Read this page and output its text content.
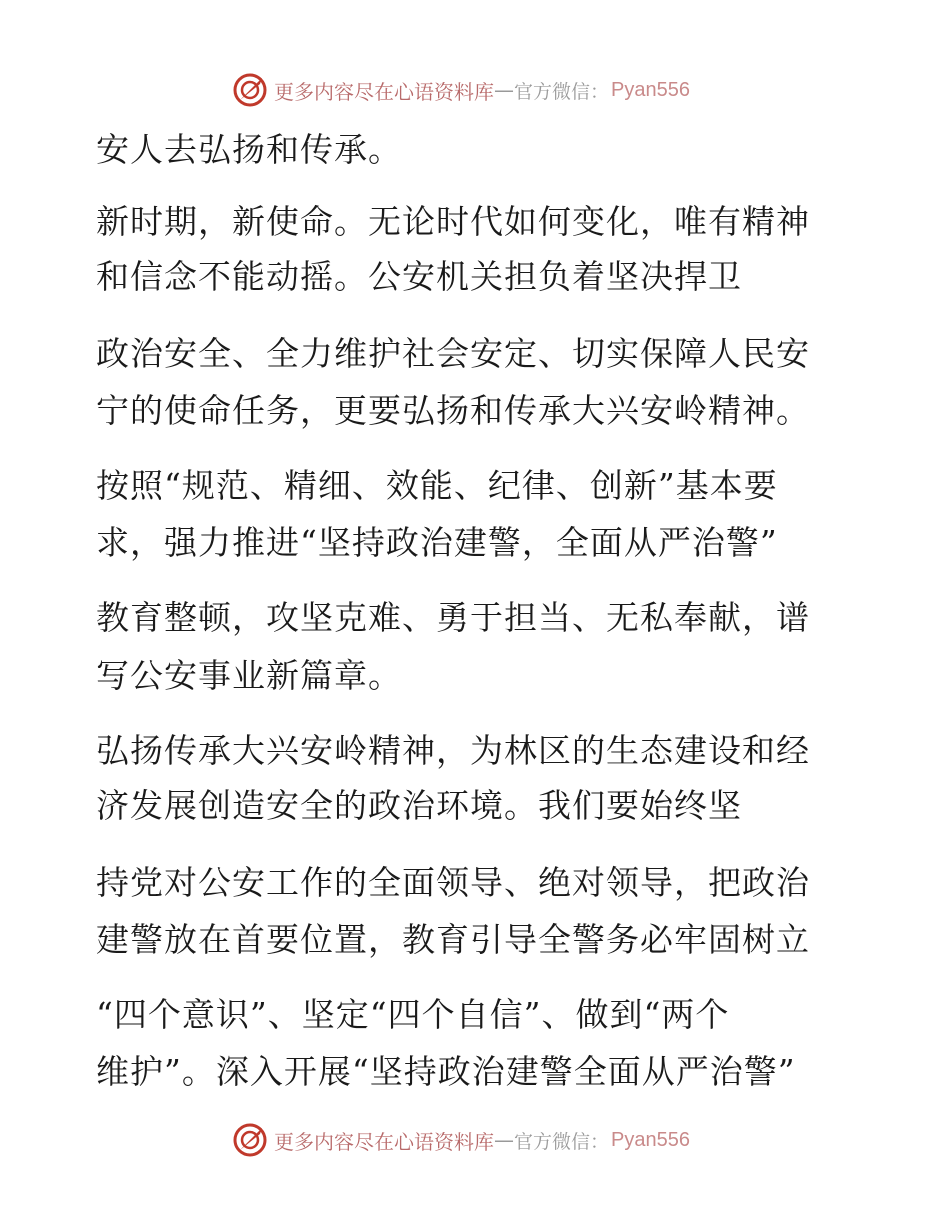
更多内容尽在心语资料库 — 官方微信： Pyan556
安人去弘扬和传承。
新时期，新使命。无论时代如何变化，唯有精神
和信念不能动摇。公安机关担负着坚决捍卫
政治安全、全力维护社会安定、切实保障人民安
宁的使命任务，更要弘扬和传承大兴安岭精神。
按照“规范、精细、效能、纪律、创新”基本要
求，强力推进“坚持政治建警，全面从严治警”
教育整顿，攻坚克难、勇于担当、无私奉献，谱
写公安事业新篇章。
弘扬传承大兴安岭精神，为林区的生态建设和经
济发展创造安全的政治环境。我们要始终坚
持党对公安工作的全面领导、绝对领导，把政治
建警放在首要位置，教育引导全警务必牢固树立
“四个意识”、坚定“四个自信”、做到“两个
维护”。深入开展“坚持政治建警全面从严治警”
更多内容尽在心语资料库 — 官方微信： Pyan556
